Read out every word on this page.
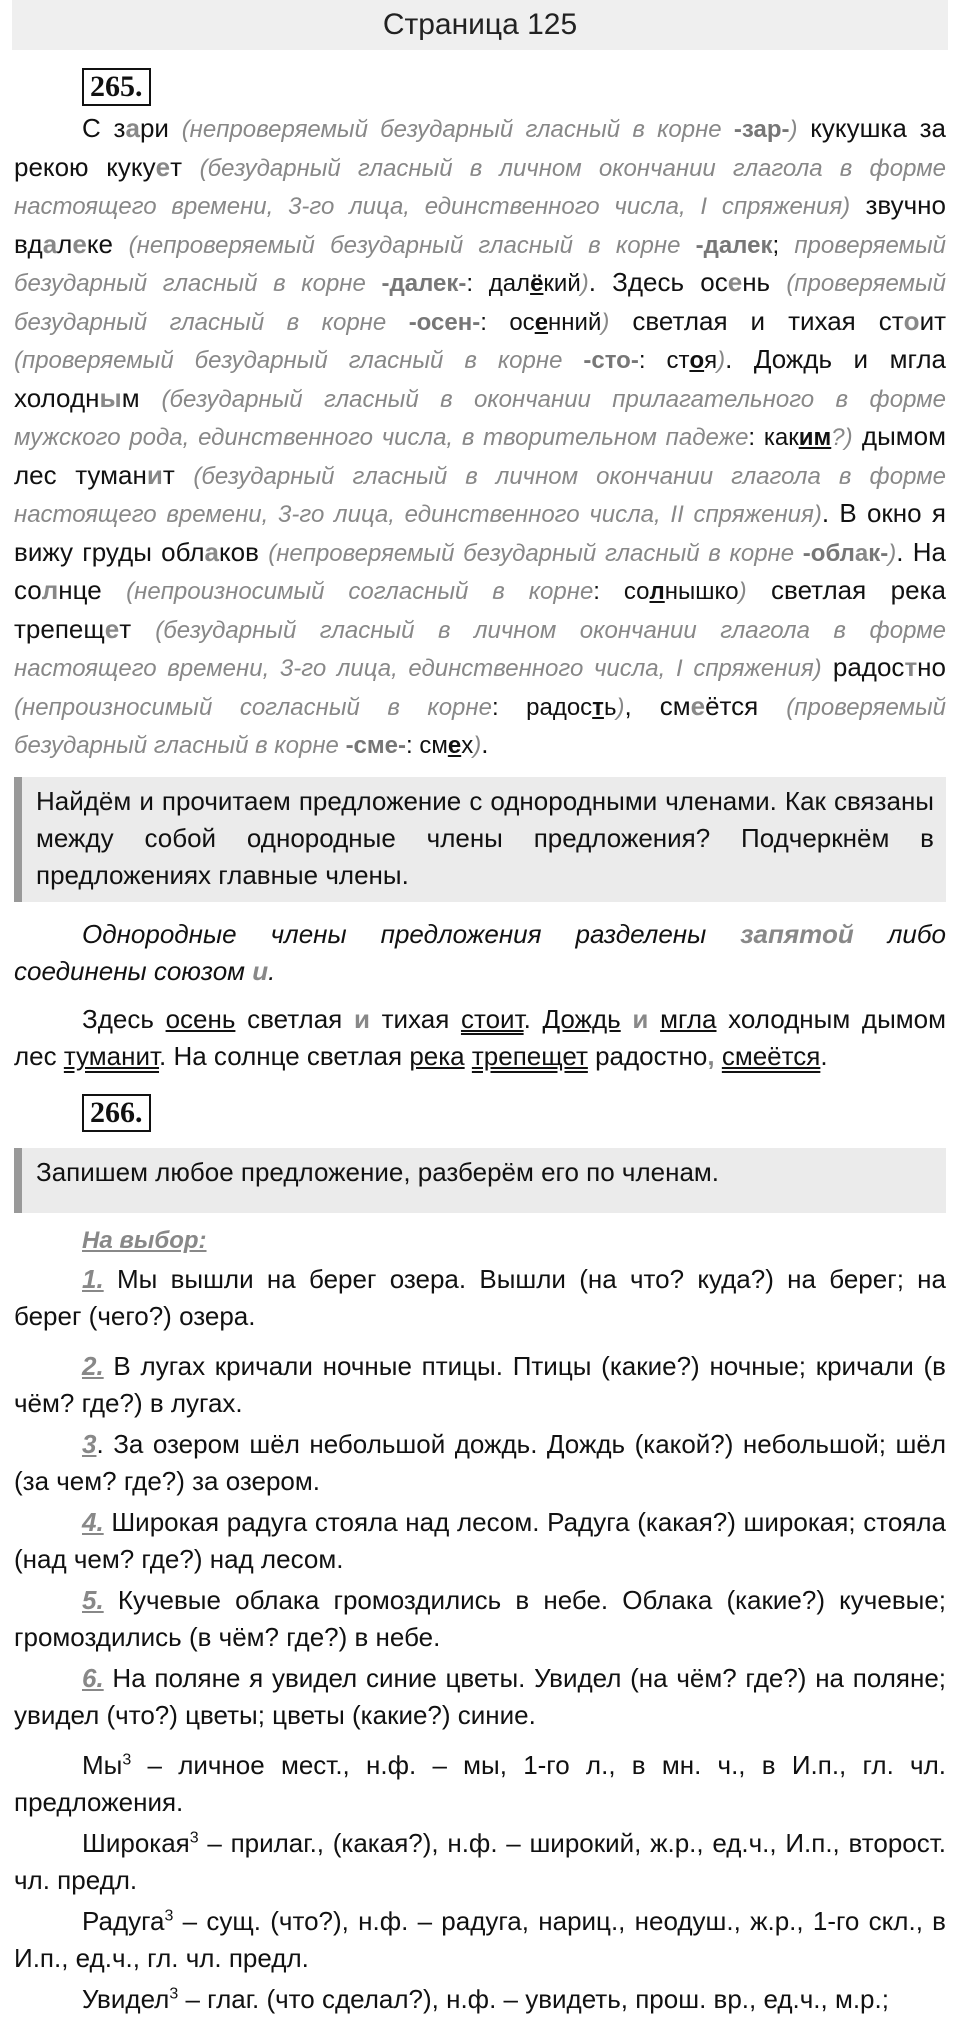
Страница 125
265.

С зари (непроверяемый безударный гласный в корне -зар-) кукушка за рекою кукует (безударный гласный в личном окончании глагола в форме настоящего времени, 3-го лица, единственного числа, I спряжения) звучно вдалеке (непроверяемый безударный гласный в корне -далек; проверяемый безударный гласный в корне -далек-: далёкий). Здесь осень (проверяемый безударный гласный в корне -осен-: осенний) светлая и тихая стоит (проверяемый безударный гласный в корне -сто-: стоя). Дождь и мгла холодным (безударный гласный в окончании прилагательного в форме мужского рода, единственного числа, в творительном падеже: каким?) дымом лес туманит (безударный гласный в личном окончании глагола в форме настоящего времени, 3-го лица, единственного числа, II спряжения). В окно я вижу груды облаков (непроверяемый безударный гласный в корне -облак-). На солнце (непроизносимый согласный в корне: солнышко) светлая река трепещет (безударный гласный в личном окончании глагола в форме настоящего времени, 3-го лица, единственного числа, I спряжения) радостно (непроизносимый согласный в корне: радость), смеётся (проверяемый безударный гласный в корне -сме-: смех).

Найдём и прочитаем предложение с однородными членами. Как связаны между собой однородные члены предложения? Подчеркнём в предложениях главные члены.

Однородные члены предложения разделены запятой либо соединены союзом и.

Здесь осень светлая и тихая стоит. Дождь и мгла холодным дымом лес туманит. На солнце светлая река трепещет радостно, смеётся.

266.

Запишем любое предложение, разберём его по членам.

На выбор:

1. Мы вышли на берег озера. Вышли (на что? куда?) на берег; на берег (чего?) озера.

2. В лугах кричали ночные птицы. Птицы (какие?) ночные; кричали (в чём? где?) в лугах.

3. За озером шёл небольшой дождь. Дождь (какой?) небольшой; шёл (за чем? где?) за озером.

4. Широкая радуга стояла над лесом. Радуга (какая?) широкая; стояла (над чем? где?) над лесом.

5. Кучевые облака громоздились в небе. Облака (какие?) кучевые; громоздились (в чём? где?) в небе.

6. На поляне я увидел синие цветы. Увидел (на чём? где?) на поляне; увидел (что?) цветы; цветы (какие?) синие.

$Мы^3$ – личное мест., н.ф. – мы, 1-го л., в мн. ч., в И.п., гл. чл. предложения.

Широкая$^3$ – прилаг., (какая?), н.ф. – широкий, ж.р., ед.ч., И.п., второст. чл. предл.

Радуга$^3$ – сущ. (что?), н.ф. – радуга, нариц., неодуш., ж.р., 1-го скл., в И.п., ед.ч., гл. чл. предл.

Увидел$^3$ – глаг. (что сделал?), н.ф. – увидеть, прош. вр., ед.ч., м.р.;
